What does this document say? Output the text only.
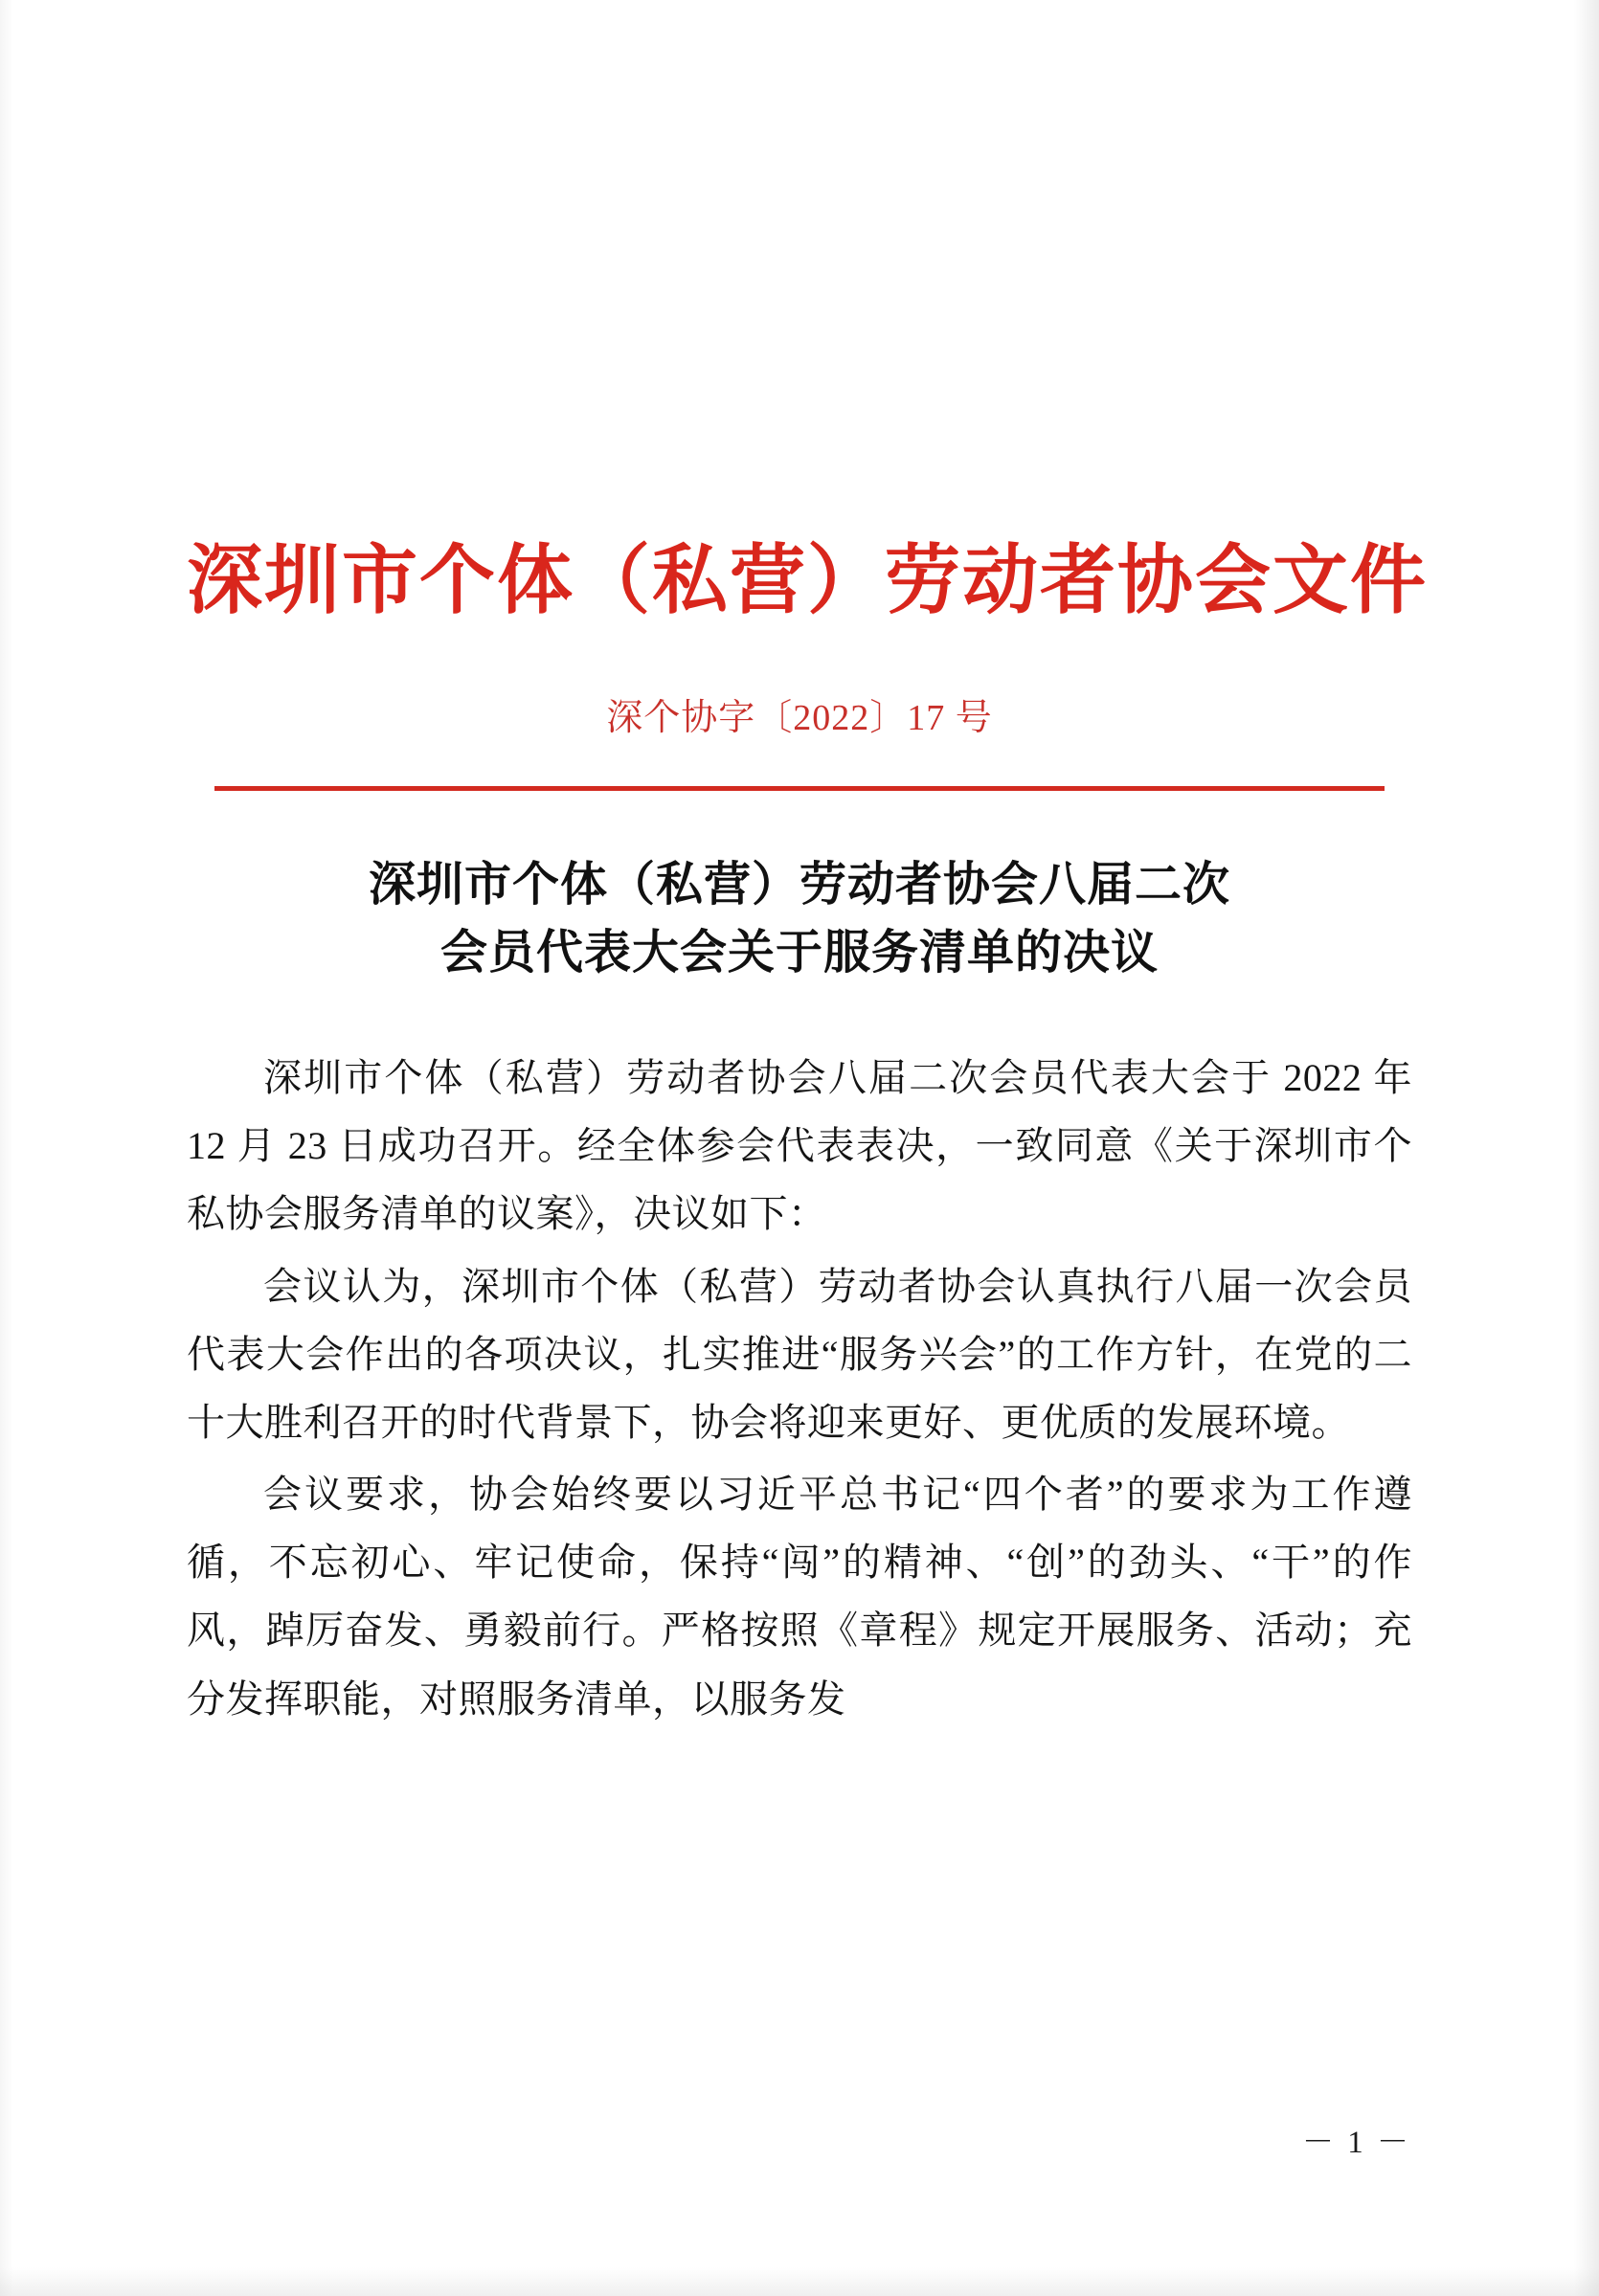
深圳市个体（私营）劳动者协会文件
深个协字〔2022〕17 号
深圳市个体（私营）劳动者协会八届二次
会员代表大会关于服务清单的决议

深圳市个体（私营）劳动者协会八届二次会员代表大会于 2022 年 12 月 23 日成功召开。经全体参会代表表决，一致同意《关于深圳市个私协会服务清单的议案》，决议如下：

会议认为，深圳市个体（私营）劳动者协会认真执行八届一次会员代表大会作出的各项决议，扎实推进“服务兴会”的工作方针，在党的二十大胜利召开的时代背景下，协会将迎来更好、更优质的发展环境。

会议要求，协会始终要以习近平总书记“四个者”的要求为工作遵循，不忘初心、牢记使命，保持“闯”的精神、“创”的劲头、“干”的作风，踔厉奋发、勇毅前行。严格按照《章程》规定开展服务、活动；充分发挥职能，对照服务清单，以服务发

－ 1 －
